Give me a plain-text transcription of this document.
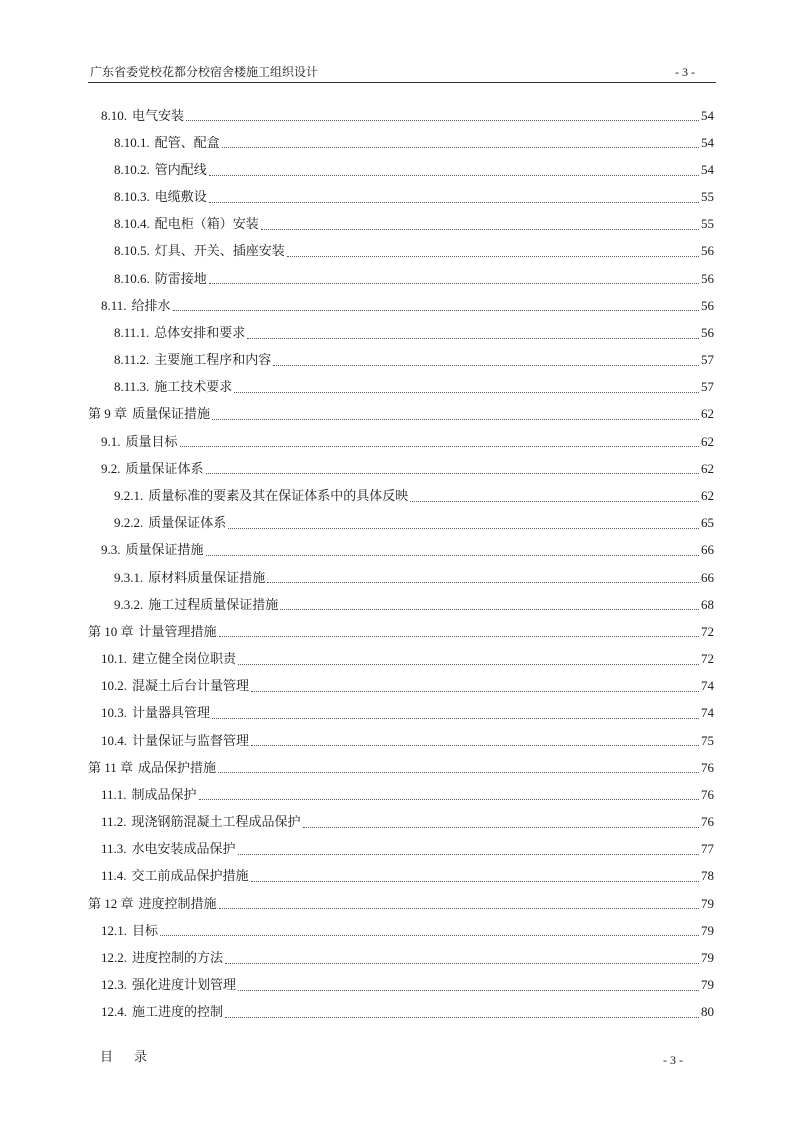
广东省委党校花都分校宿舍楼施工组织设计	- 3 -
8.10. 电气安装	54
8.10.1. 配管、配盒	54
8.10.2. 管内配线	54
8.10.3. 电缆敷设	55
8.10.4. 配电柜（箱）安装	55
8.10.5. 灯具、开关、插座安装	56
8.10.6. 防雷接地	56
8.11. 给排水	56
8.11.1. 总体安排和要求	56
8.11.2. 主要施工程序和内容	57
8.11.3. 施工技术要求	57
第 9 章 质量保证措施	62
9.1. 质量目标	62
9.2. 质量保证体系	62
9.2.1. 质量标准的要素及其在保证体系中的具体反映	62
9.2.2. 质量保证体系	65
9.3. 质量保证措施	66
9.3.1. 原材料质量保证措施	66
9.3.2. 施工过程质量保证措施	68
第 10 章 计量管理措施	72
10.1. 建立健全岗位职责	72
10.2. 混凝土后台计量管理	74
10.3. 计量器具管理	74
10.4. 计量保证与监督管理	75
第 11 章 成品保护措施	76
11.1. 制成品保护	76
11.2. 现浇钢筋混凝土工程成品保护	76
11.3. 水电安装成品保护	77
11.4. 交工前成品保护措施	78
第 12 章 进度控制措施	79
12.1. 目标	79
12.2. 进度控制的方法	79
12.3. 强化进度计划管理	79
12.4. 施工进度的控制	80
目    录	- 3 -
